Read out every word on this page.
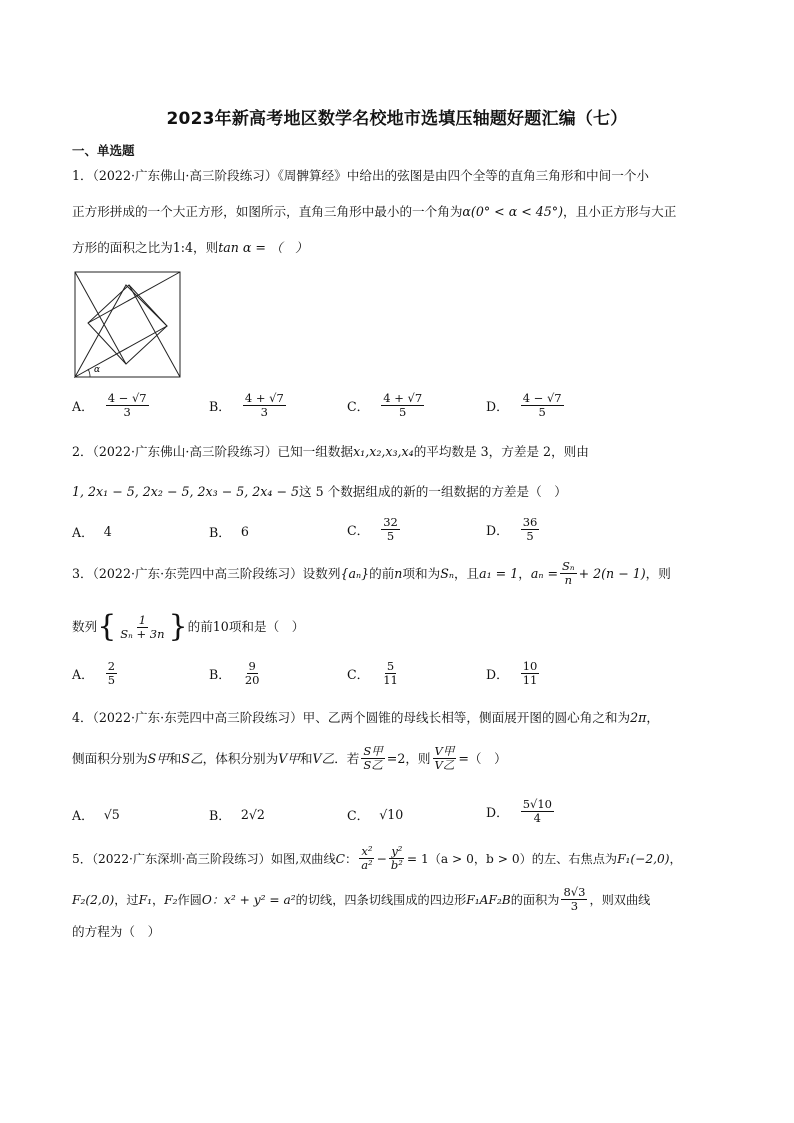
2023年新高考地区数学名校地市选填压轴题好题汇编（七）
一、单选题
1．（2022·广东佛山·高三阶段练习）《周髀算经》中给出的弦图是由四个全等的直角三角形和中间一个小
正方形拼成的一个大正方形，如图所示，直角三角形中最小的一个角为α(0° < α < 45°)，且小正方形与大正
方形的面积之比为1:4，则tan α = （　）
α
A． $\frac{4 - √7}{3}$	B． $\frac{4 + √7}{3}$	C． $\frac{4 + √7}{5}$	D． $\frac{4 - √7}{5}$
2．（2022·广东佛山·高三阶段练习）已知一组数据x₁,x₂,x₃,x₄的平均数是 3，方差是 2，则由
1, 2x₁ − 5, 2x₂ − 5, 2x₃ − 5, 2x₄ − 5这 5 个数据组成的新的一组数据的方差是（　）
A． 4	B． 6	C． $\frac{32}{5}$	D． $\frac{36}{5}$
3．（2022·广东·东莞四中高三阶段练习）设数列 {aₙ} 的前 n 项和为 Sₙ ，且 a₁ = 1 ， $a_n = \frac{\text{Sₙ}}{n} + 2(n - 1)$ ，则
数列 { $\frac{1}{\text{Sₙ + 3n}}$ } 的前 10 项和是（　）
A． $\frac{2}{5}$	B． $\frac{9}{20}$	C． $\frac{5}{11}$	D． $\frac{10}{11}$
4．（2022·广东·东莞四中高三阶段练习）甲、乙两个圆锥的母线长相等，侧面展开图的圆心角之和为2π，
侧面积分别为 S甲 和 S乙 ，体积分别为 V甲 和 V乙 ．若 $\frac{\text{S甲}}{\text{S乙}} =2$，则 $\frac{\text{V甲}}{\text{V乙}}$ =（　）
A． √5	B． 2√2	C． √10	D． $\frac{5√10}{4}$
5．（2022·广东深圳·高三阶段练习）如图,双曲线 C ： $\frac{\text{x²}}{\text{a²}} - \frac{\text{y²}}{\text{b²}} = 1(a > 0$，b > 0）的左、右焦点为 F₁(−2,0) ，
F₂(2,0) ，过 F₁ ， F₂ 作圆 O：x² + y² = a² 的切线，四条切线围成的四边形 F₁AF₂B 的面积为 $\frac{8√3}{3}$ ，则双曲线
的方程为（　）
